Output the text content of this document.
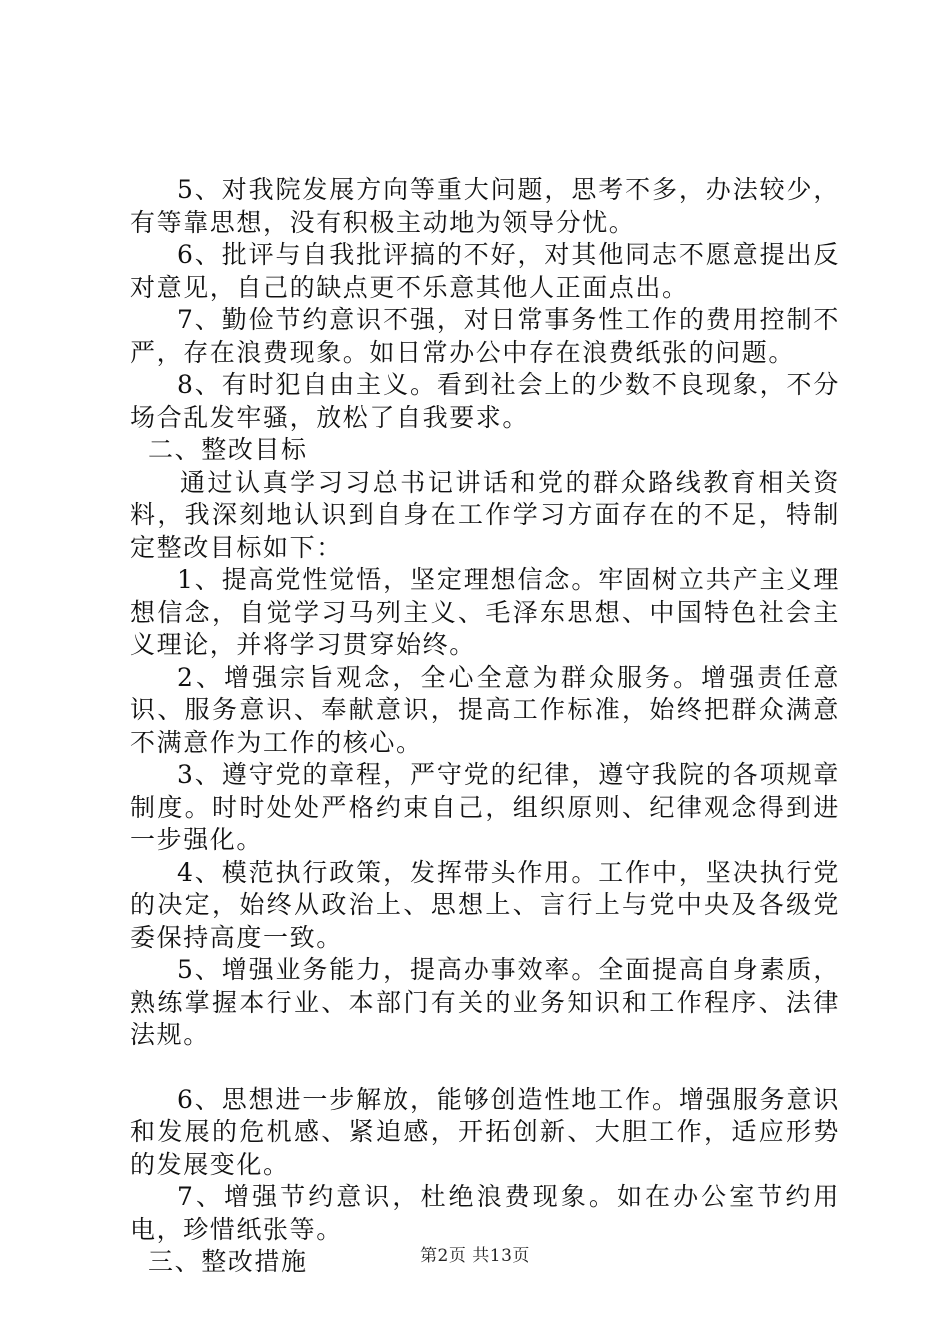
5、对我院发展方向等重大问题，思考不多，办法较少，有等靠思想，没有积极主动地为领导分忧。

6、批评与自我批评搞的不好，对其他同志不愿意提出反对意见，自己的缺点更不乐意其他人正面点出。

7、勤俭节约意识不强，对日常事务性工作的费用控制不严，存在浪费现象。如日常办公中存在浪费纸张的问题。

8、有时犯自由主义。看到社会上的少数不良现象，不分场合乱发牢骚，放松了自我要求。

二、整改目标

通过认真学习习总书记讲话和党的群众路线教育相关资料，我深刻地认识到自身在工作学习方面存在的不足，特制定整改目标如下：

1、提高党性觉悟，坚定理想信念。牢固树立共产主义理想信念，自觉学习马列主义、毛泽东思想、中国特色社会主义理论，并将学习贯穿始终。

2、增强宗旨观念，全心全意为群众服务。增强责任意识、服务意识、奉献意识，提高工作标准，始终把群众满意不满意作为工作的核心。

3、遵守党的章程，严守党的纪律，遵守我院的各项规章制度。时时处处严格约束自己，组织原则、纪律观念得到进一步强化。

4、模范执行政策，发挥带头作用。工作中，坚决执行党的决定，始终从政治上、思想上、言行上与党中央及各级党委保持高度一致。

5、增强业务能力，提高办事效率。全面提高自身素质，熟练掌握本行业、本部门有关的业务知识和工作程序、法律法规。

6、思想进一步解放，能够创造性地工作。增强服务意识和发展的危机感、紧迫感，开拓创新、大胆工作，适应形势的发展变化。

7、增强节约意识，杜绝浪费现象。如在办公室节约用电，珍惜纸张等。

三、整改措施	第2页 共13页
